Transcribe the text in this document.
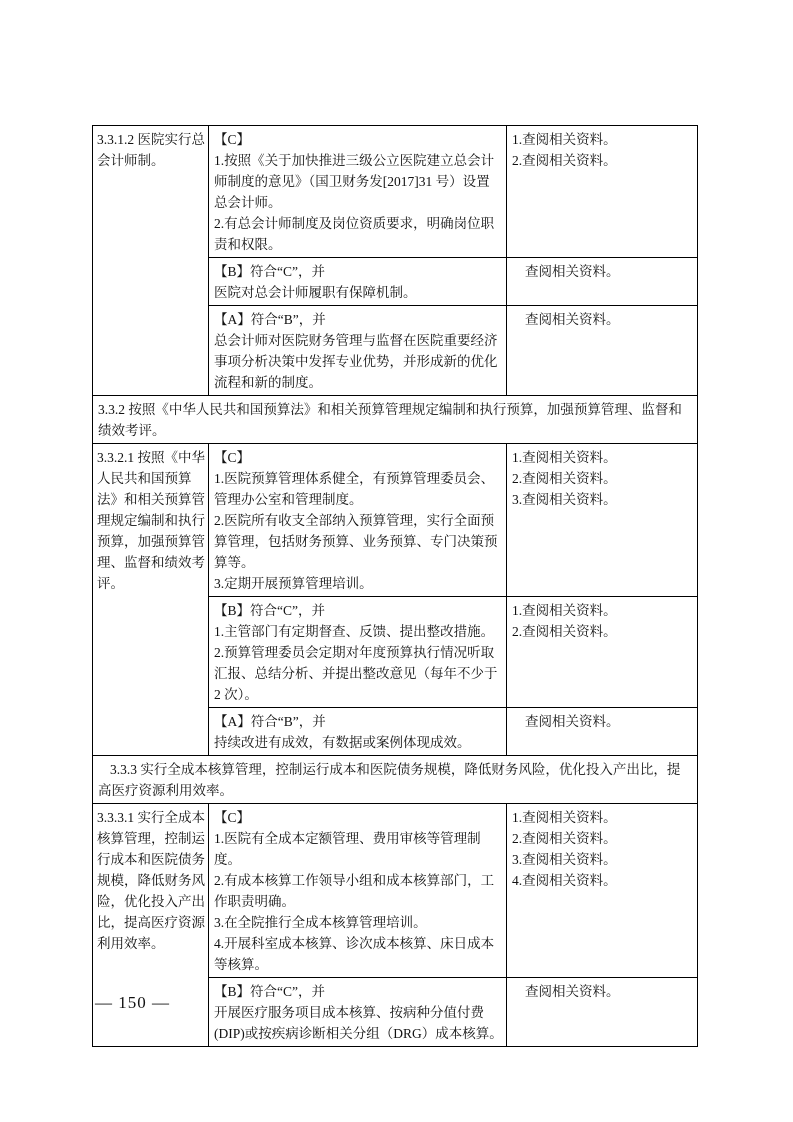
3.3.1.2 医院实行总会计师制。

【C】

1.按照《关于加快推进三级公立医院建立总会计师制度的意见》（国卫财务发[2017]31 号）设置总会计师。

2.有总会计师制度及岗位资质要求，明确岗位职责和权限。

1.查阅相关资料。

2.查阅相关资料。

【B】符合“C”，并

医院对总会计师履职有保障机制。

查阅相关资料。

【A】符合“B”，并

总会计师对医院财务管理与监督在医院重要经济事项分析决策中发挥专业优势，并形成新的优化流程和新的制度。

查阅相关资料。

3.3.2 按照《中华人民共和国预算法》和相关预算管理规定编制和执行预算，加强预算管理、监督和绩效考评。

3.3.2.1 按照《中华人民共和国预算法》和相关预算管理规定编制和执行预算，加强预算管理、监督和绩效考评。

【C】

1.医院预算管理体系健全，有预算管理委员会、管理办公室和管理制度。

2.医院所有收支全部纳入预算管理，实行全面预算管理，包括财务预算、业务预算、专门决策预算等。

3.定期开展预算管理培训。

1.查阅相关资料。

2.查阅相关资料。

3.查阅相关资料。

【B】符合“C”，并

1.主管部门有定期督查、反馈、提出整改措施。

2.预算管理委员会定期对年度预算执行情况听取汇报、总结分析、并提出整改意见（每年不少于2 次）。

1.查阅相关资料。

2.查阅相关资料。

【A】符合“B”，并

持续改进有成效，有数据或案例体现成效。

查阅相关资料。

3.3.3 实行全成本核算管理，控制运行成本和医院债务规模，降低财务风险，优化投入产出比，提高医疗资源利用效率。

3.3.3.1 实行全成本核算管理，控制运行成本和医院债务规模，降低财务风险，优化投入产出比，提高医疗资源利用效率。

【C】

1.医院有全成本定额管理、费用审核等管理制度。

2.有成本核算工作领导小组和成本核算部门，工作职责明确。

3.在全院推行全成本核算管理培训。

4.开展科室成本核算、诊次成本核算、床日成本等核算。

1.查阅相关资料。

2.查阅相关资料。

3.查阅相关资料。

4.查阅相关资料。

【B】符合“C”，并

开展医疗服务项目成本核算、按病种分值付费(DIP)或按疾病诊断相关分组（DRG）成本核算。

查阅相关资料。

— 150 —
